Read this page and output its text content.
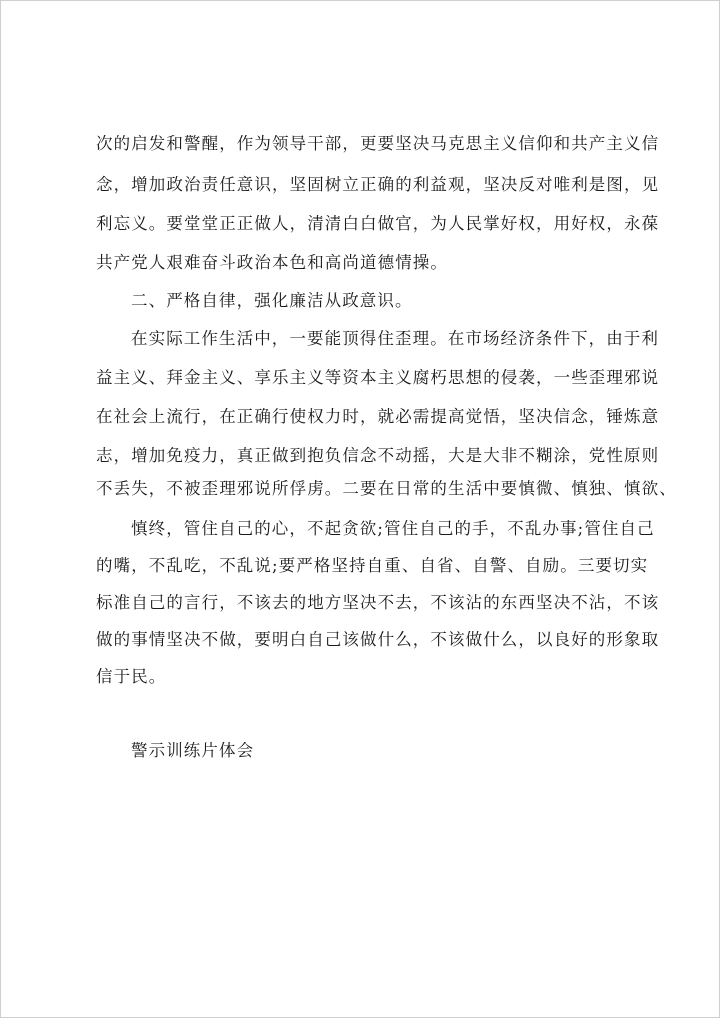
次的启发和警醒，作为领导干部，更要坚决马克思主义信仰和共产主义信
念，增加政治责任意识，坚固树立正确的利益观，坚决反对唯利是图，见
利忘义。要堂堂正正做人，清清白白做官，为人民掌好权，用好权，永葆
共产党人艰难奋斗政治本色和高尚道德情操。
二、严格自律，强化廉洁从政意识。
在实际工作生活中，一要能顶得住歪理。在市场经济条件下，由于利
益主义、拜金主义、享乐主义等资本主义腐朽思想的侵袭，一些歪理邪说
在社会上流行，在正确行使权力时，就必需提高觉悟，坚决信念，锤炼意
志，增加免疫力，真正做到抱负信念不动摇，大是大非不糊涂，党性原则
不丢失，不被歪理邪说所俘虏。二要在日常的生活中要慎微、慎独、慎欲、
慎终，管住自己的心，不起贪欲;管住自己的手，不乱办事;管住自己
的嘴，不乱吃，不乱说;要严格坚持自重、自省、自警、自励。三要切实
标准自己的言行，不该去的地方坚决不去，不该沾的东西坚决不沾，不该
做的事情坚决不做，要明白自己该做什么，不该做什么，以良好的形象取
信于民。
警示训练片体会
